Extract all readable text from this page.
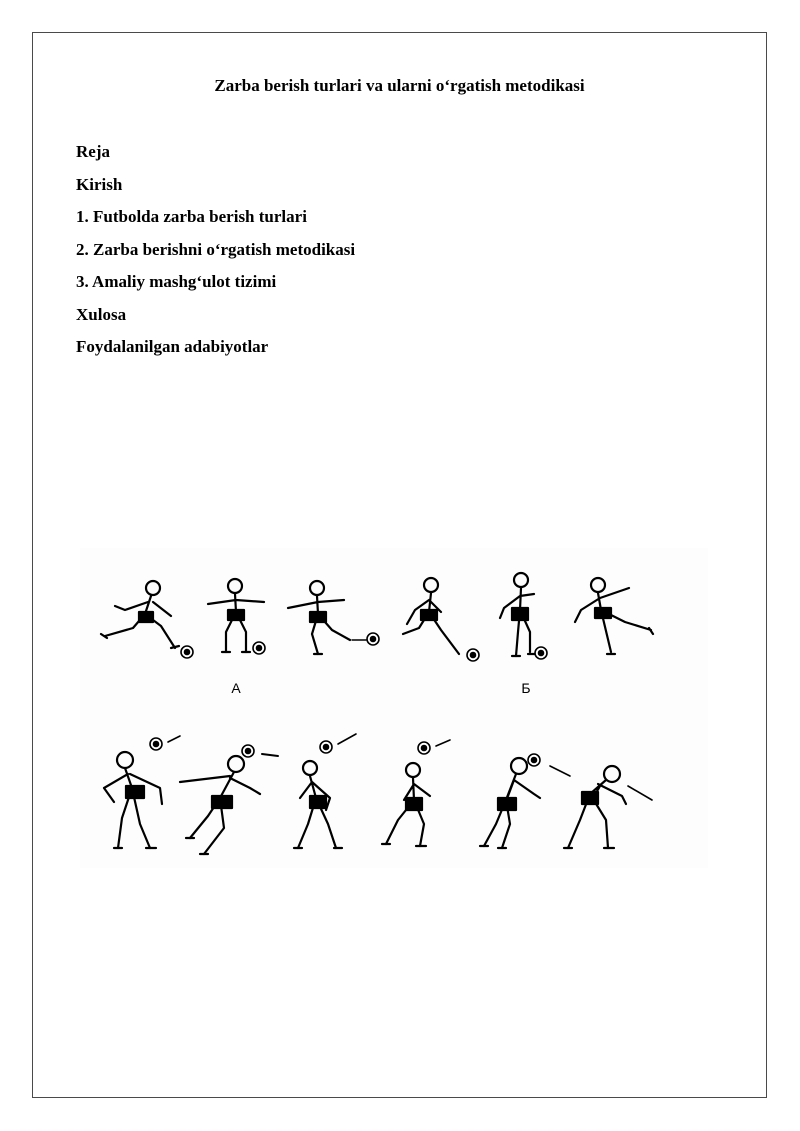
Zarba berish turlari va ularni o‘rgatish metodikasi
Reja
Kirish
1. Futbolda zarba berish turlari
2. Zarba berishni o‘rgatish metodikasi
3. Amaliy mashg‘ulot tizimi
Xulosa
Foydalanilgan adabiyotlar
А	Б
